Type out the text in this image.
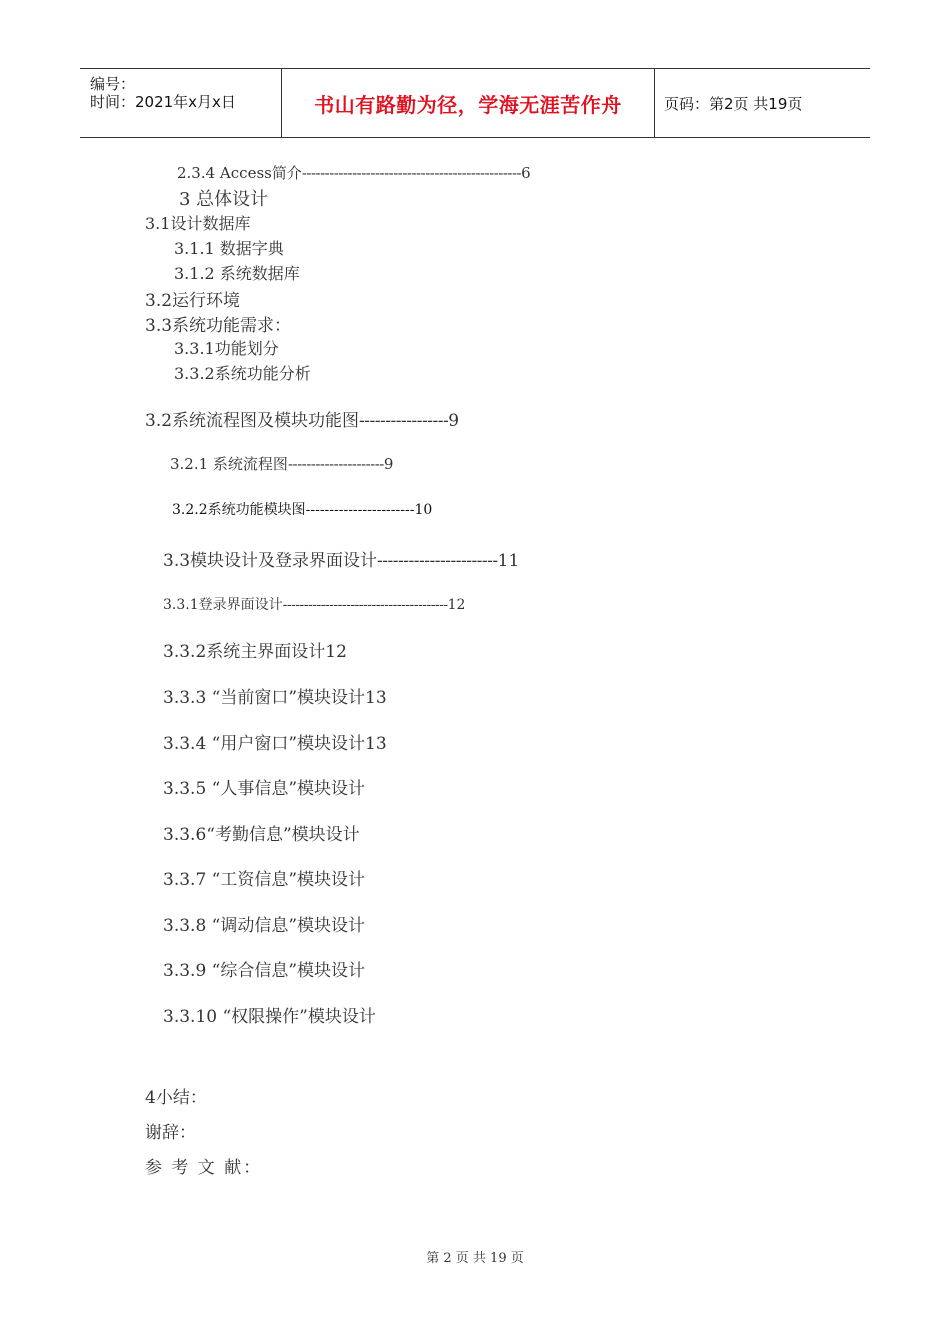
编号：
时间：2021年x月x日	书山有路勤为径，学海无涯苦作舟	页码：第2页 共19页
2.3.4 Access简介------------------------------------------------6
3 总体设计
3.1设计数据库
3.1.1 数据字典
3.1.2 系统数据库
3.2运行环境
3.3系统功能需求：
3.3.1功能划分
3.3.2系统功能分析
3.2系统流程图及模块功能图-----------------9
3.2.1 系统流程图---------------------9
3.2.2系统功能模块图-----------------------10
3.3模块设计及登录界面设计-----------------------11
3.3.1登录界面设计---------------------------------------12
3.3.2系统主界面设计12
3.3.3 “当前窗口”模块设计13
3.3.4 “用户窗口”模块设计13
3.3.5 “人事信息”模块设计
3.3.6“考勤信息”模块设计
3.3.7 “工资信息”模块设计
3.3.8 “调动信息”模块设计
3.3.9 “综合信息”模块设计
3.3.10 “权限操作”模块设计
4小结：
谢辞：
参 考 文 献：
第 2 页 共 19 页
